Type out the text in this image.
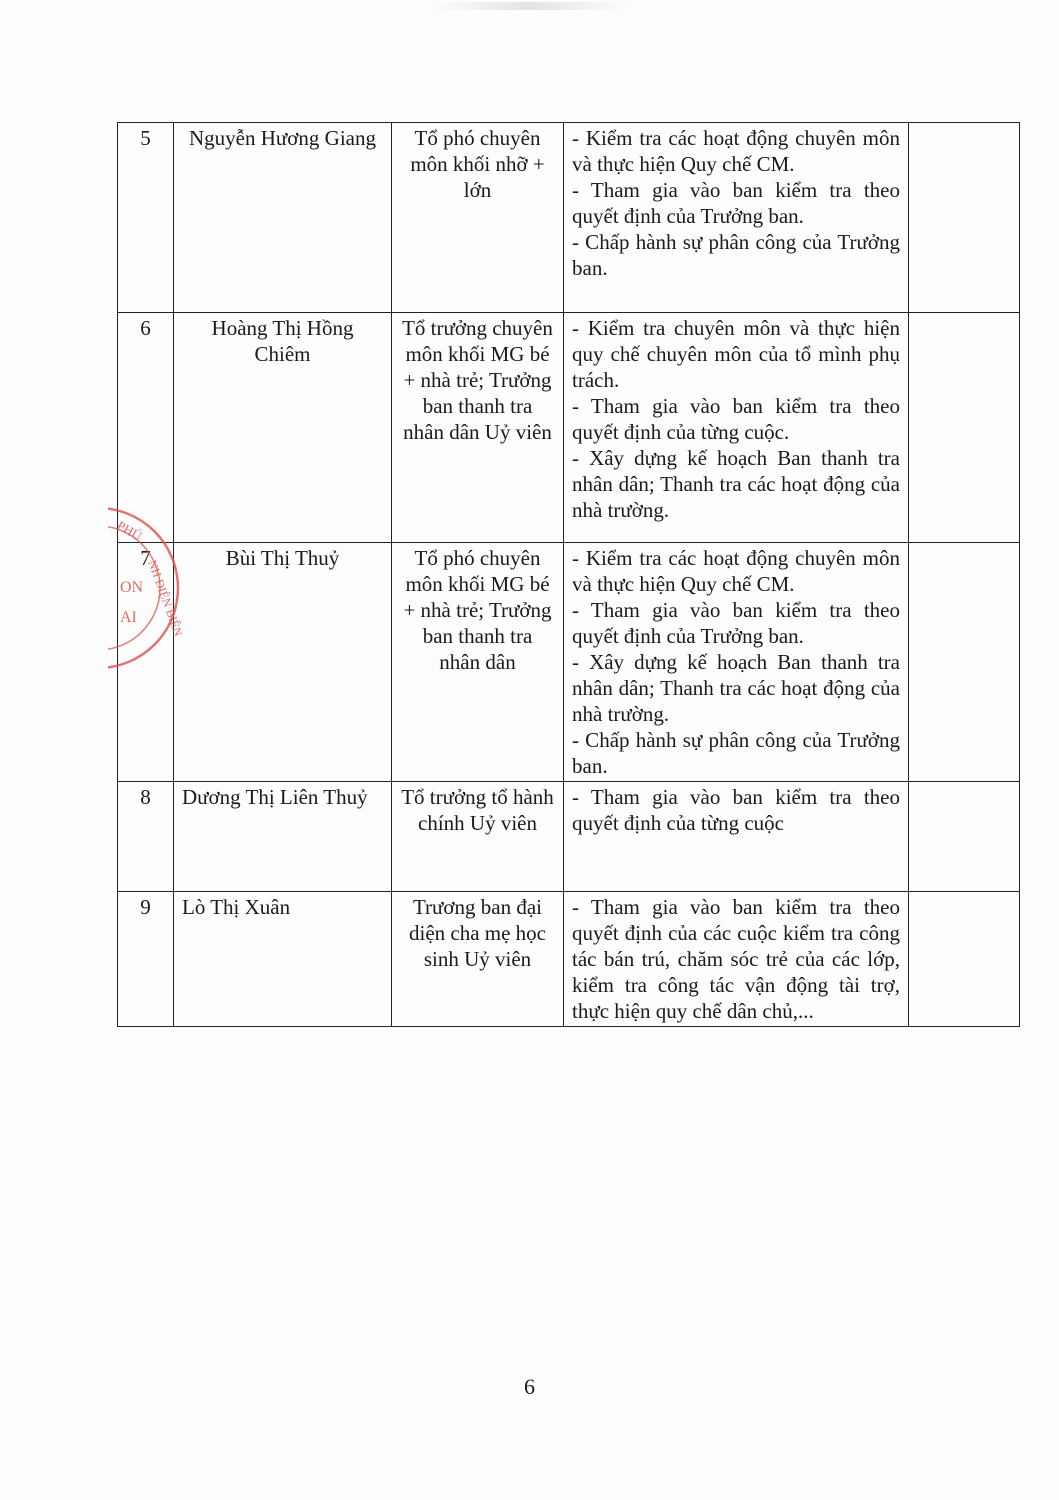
5	Nguyễn Hương Giang	Tổ phó chuyên môn khối nhỡ + lớn	- Kiểm tra các hoạt động chuyên môn và thực hiện Quy chế CM.
- Tham gia vào ban kiểm tra theo quyết định của Trưởng ban.
- Chấp hành sự phân công của Trưởng ban.	

6	Hoàng Thị Hồng Chiêm	Tổ trưởng chuyên môn khối MG bé + nhà trẻ; Trưởng ban thanh tra nhân dân Uỷ viên	- Kiểm tra chuyên môn và thực hiện quy chế chuyên môn của tổ mình phụ trách.
- Tham gia vào ban kiểm tra theo quyết định của từng cuộc.
- Xây dựng kế hoạch Ban thanh tra nhân dân; Thanh tra các hoạt động của nhà trường.	

7	Bùi Thị Thuỷ	Tổ phó chuyên môn khối MG bé + nhà trẻ; Trưởng ban thanh tra nhân dân	- Kiểm tra các hoạt động chuyên môn và thực hiện Quy chế CM.
- Tham gia vào ban kiểm tra theo quyết định của Trưởng ban.
- Xây dựng kế hoạch Ban thanh tra nhân dân; Thanh tra các hoạt động của nhà trường.
- Chấp hành sự phân công của Trưởng ban.	

8	Dương Thị Liên Thuỷ	Tổ trưởng tổ hành chính Uỷ viên	- Tham gia vào ban kiểm tra theo quyết định của từng cuộc	

9	Lò Thị Xuân	Trương ban đại diện cha mẹ học sinh Uỷ viên	- Tham gia vào ban kiểm tra theo quyết định của các cuộc kiểm tra công tác bán trú, chăm sóc trẻ của các lớp, kiểm tra công tác vận động tài trợ, thực hiện quy chế dân chủ,...	

PHÚ
NH ĐIỆN BIÊN
ON
AI
6
